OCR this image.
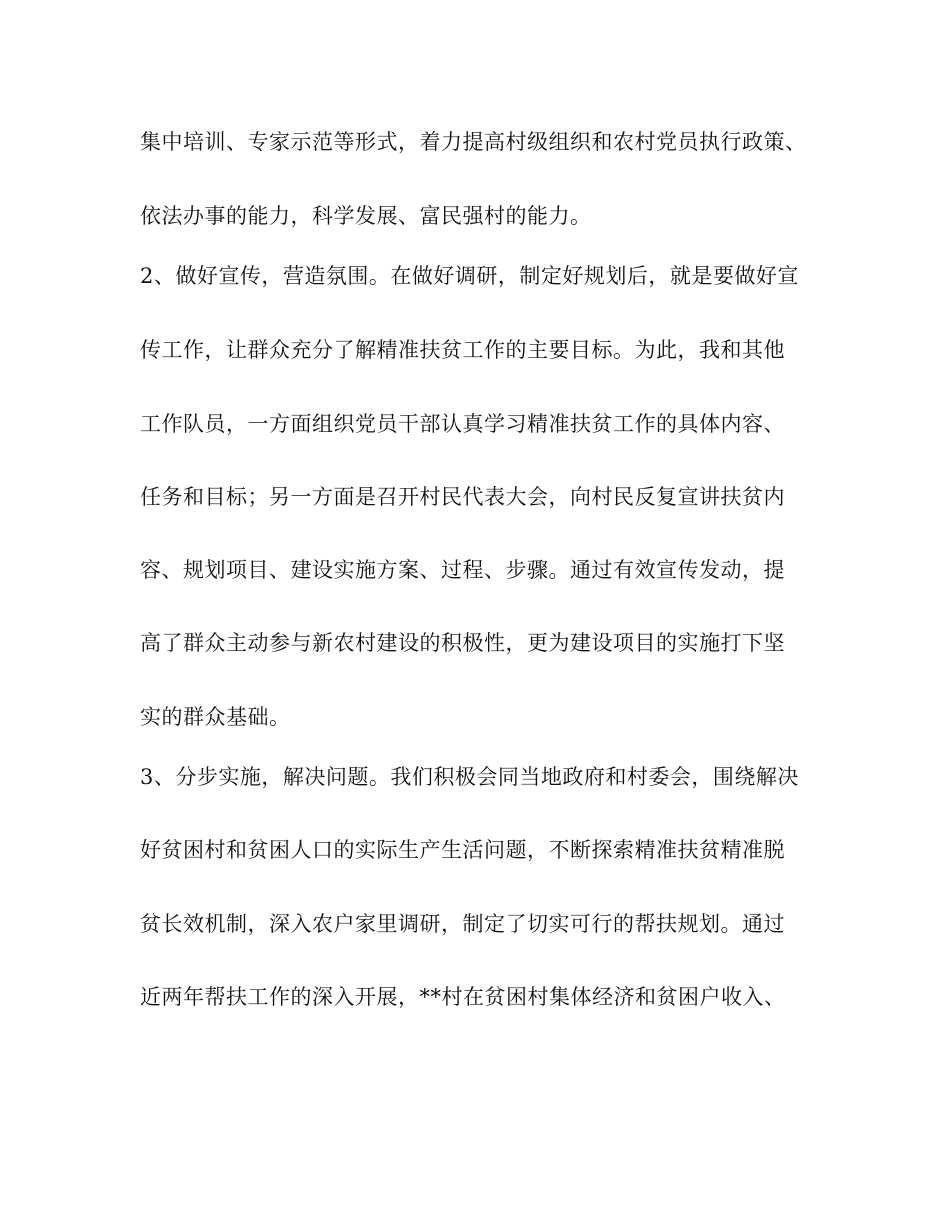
集中培训、专家示范等形式，着力提高村级组织和农村党员执行政策、
依法办事的能力，科学发展、富民强村的能力。
2、做好宣传，营造氛围。在做好调研，制定好规划后，就是要做好宣
传工作，让群众充分了解精准扶贫工作的主要目标。为此，我和其他
工作队员，一方面组织党员干部认真学习精准扶贫工作的具体内容、
任务和目标；另一方面是召开村民代表大会，向村民反复宣讲扶贫内
容、规划项目、建设实施方案、过程、步骤。通过有效宣传发动，提
高了群众主动参与新农村建设的积极性，更为建设项目的实施打下坚
实的群众基础。
3、分步实施，解决问题。我们积极会同当地政府和村委会，围绕解决
好贫困村和贫困人口的实际生产生活问题，不断探索精准扶贫精准脱
贫长效机制，深入农户家里调研，制定了切实可行的帮扶规划。通过
近两年帮扶工作的深入开展，**村在贫困村集体经济和贫困户收入、
